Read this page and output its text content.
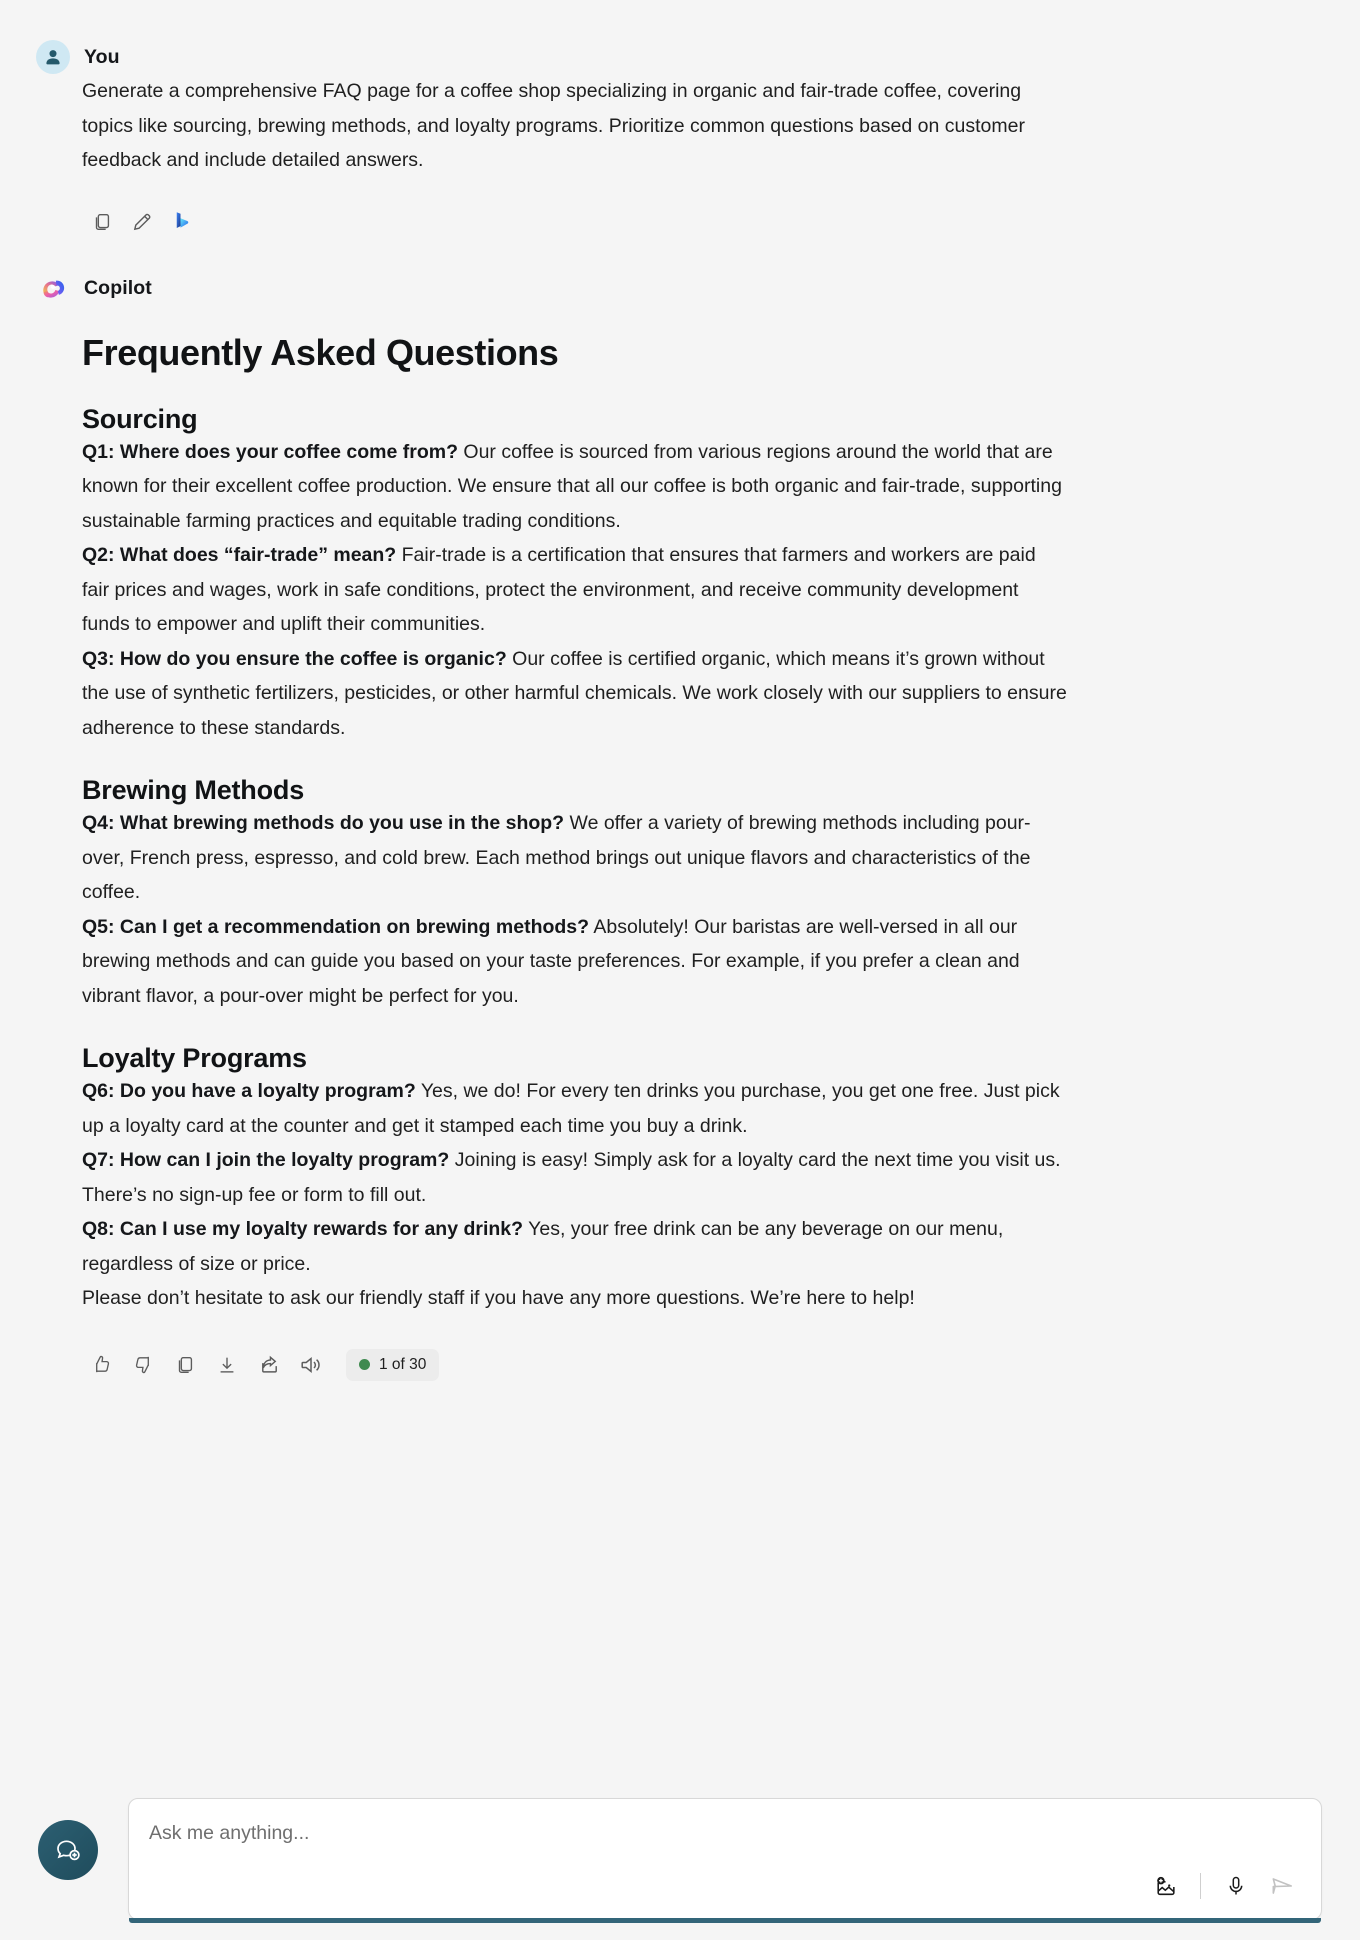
You

Generate a comprehensive FAQ page for a coffee shop specializing in organic and fair-trade coffee, covering topics like sourcing, brewing methods, and loyalty programs. Prioritize common questions based on customer feedback and include detailed answers.

Copilot
Frequently Asked Questions
Sourcing

Q1: Where does your coffee come from? Our coffee is sourced from various regions around the world that are known for their excellent coffee production. We ensure that all our coffee is both organic and fair-trade, supporting sustainable farming practices and equitable trading conditions.

Q2: What does “fair-trade” mean? Fair-trade is a certification that ensures that farmers and workers are paid fair prices and wages, work in safe conditions, protect the environment, and receive community development funds to empower and uplift their communities.

Q3: How do you ensure the coffee is organic? Our coffee is certified organic, which means it’s grown without the use of synthetic fertilizers, pesticides, or other harmful chemicals. We work closely with our suppliers to ensure adherence to these standards.

Brewing Methods

Q4: What brewing methods do you use in the shop? We offer a variety of brewing methods including pour-over, French press, espresso, and cold brew. Each method brings out unique flavors and characteristics of the coffee.

Q5: Can I get a recommendation on brewing methods? Absolutely! Our baristas are well-versed in all our brewing methods and can guide you based on your taste preferences. For example, if you prefer a clean and vibrant flavor, a pour-over might be perfect for you.

Loyalty Programs

Q6: Do you have a loyalty program? Yes, we do! For every ten drinks you purchase, you get one free. Just pick up a loyalty card at the counter and get it stamped each time you buy a drink.

Q7: How can I join the loyalty program? Joining is easy! Simply ask for a loyalty card the next time you visit us. There’s no sign-up fee or form to fill out.

Q8: Can I use my loyalty rewards for any drink? Yes, your free drink can be any beverage on our menu, regardless of size or price.

Please don’t hesitate to ask our friendly staff if you have any more questions. We’re here to help!

1 of 30
Ask me anything...
